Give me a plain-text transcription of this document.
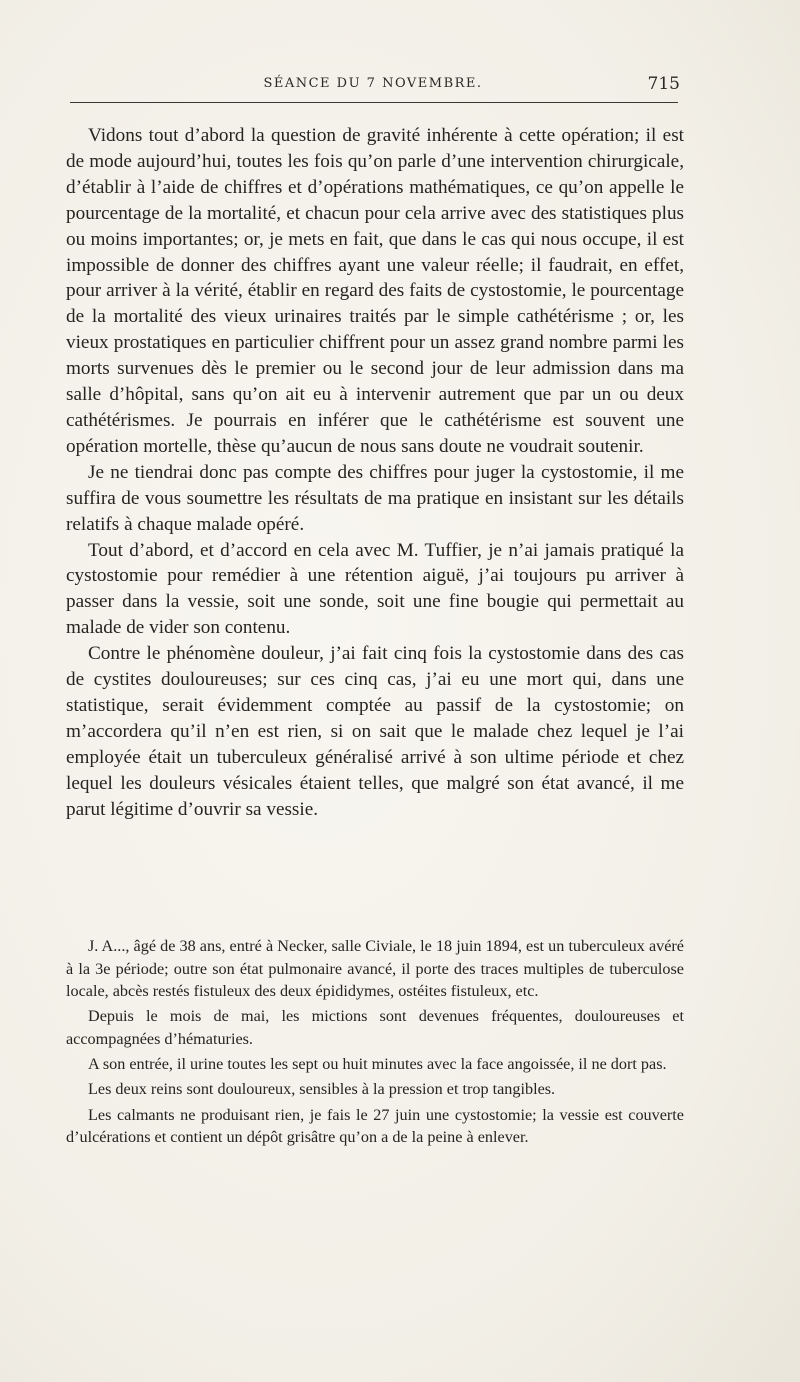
SÉANCE DU 7 NOVEMBRE.	715

Vidons tout d’abord la question de gravité inhérente à cette opération; il est de mode aujourd’hui, toutes les fois qu’on parle d’une intervention chirurgicale, d’établir à l’aide de chiffres et d’opérations mathématiques, ce qu’on appelle le pourcentage de la mortalité, et chacun pour cela arrive avec des statistiques plus ou moins importantes; or, je mets en fait, que dans le cas qui nous occupe, il est impossible de donner des chiffres ayant une valeur réelle; il faudrait, en effet, pour arriver à la vérité, établir en regard des faits de cystostomie, le pourcentage de la mortalité des vieux urinaires traités par le simple cathétérisme ; or, les vieux prostatiques en particulier chiffrent pour un assez grand nombre parmi les morts survenues dès le premier ou le second jour de leur admission dans ma salle d’hôpital, sans qu’on ait eu à intervenir autrement que par un ou deux cathétérismes. Je pourrais en inférer que le cathétérisme est souvent une opération mortelle, thèse qu’aucun de nous sans doute ne voudrait soutenir.

Je ne tiendrai donc pas compte des chiffres pour juger la cystostomie, il me suffira de vous soumettre les résultats de ma pratique en insistant sur les détails relatifs à chaque malade opéré.

Tout d’abord, et d’accord en cela avec M. Tuffier, je n’ai jamais pratiqué la cystostomie pour remédier à une rétention aiguë, j’ai toujours pu arriver à passer dans la vessie, soit une sonde, soit une fine bougie qui permettait au malade de vider son contenu.

Contre le phénomène douleur, j’ai fait cinq fois la cystostomie dans des cas de cystites douloureuses; sur ces cinq cas, j’ai eu une mort qui, dans une statistique, serait évidemment comptée au passif de la cystostomie; on m’accordera qu’il n’en est rien, si on sait que le malade chez lequel je l’ai employée était un tuberculeux généralisé arrivé à son ultime période et chez lequel les douleurs vésicales étaient telles, que malgré son état avancé, il me parut légitime d’ouvrir sa vessie.

J. A..., âgé de 38 ans, entré à Necker, salle Civiale, le 18 juin 1894, est un tuberculeux avéré à la 3e période; outre son état pulmonaire avancé, il porte des traces multiples de tuberculose locale, abcès restés fistuleux des deux épididymes, ostéites fistuleux, etc.

Depuis le mois de mai, les mictions sont devenues fréquentes, douloureuses et accompagnées d’hématuries.

A son entrée, il urine toutes les sept ou huit minutes avec la face angoissée, il ne dort pas.

Les deux reins sont douloureux, sensibles à la pression et trop tangibles.

Les calmants ne produisant rien, je fais le 27 juin une cystostomie; la vessie est couverte d’ulcérations et contient un dépôt grisâtre qu’on a de la peine à enlever.
